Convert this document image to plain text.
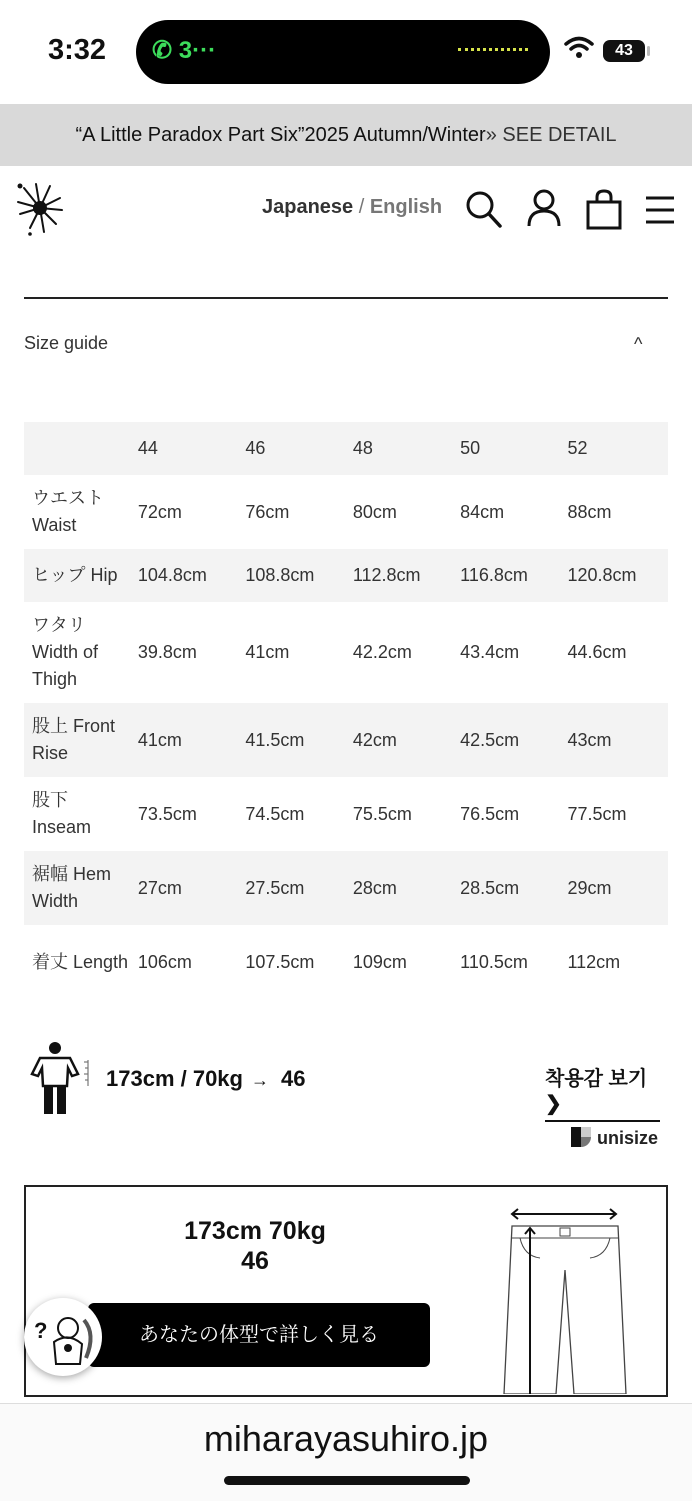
3:32 ✆ 3···	43
“A Little Paradox Part Six”2025 Autumn/Winter» SEE DETAIL
Japanese / English
Size guide	^
	44	46	48	50	52
ウエスト Waist	72cm	76cm	80cm	84cm	88cm
ヒップ Hip	104.8cm	108.8cm	112.8cm	116.8cm	120.8cm
ワタリ Width of Thigh	39.8cm	41cm	42.2cm	43.4cm	44.6cm
股上 Front Rise	41cm	41.5cm	42cm	42.5cm	43cm
股下 Inseam	73.5cm	74.5cm	75.5cm	76.5cm	77.5cm
裾幅 Hem Width	27cm	27.5cm	28cm	28.5cm	29cm
着丈 Length	106cm	107.5cm	109cm	110.5cm	112cm
173cm / 70kg → 46	착용감 보기 ❯
unisize
173cm 70kg
46
あなたの体型で詳しく見る
?
miharayasuhiro.jp
